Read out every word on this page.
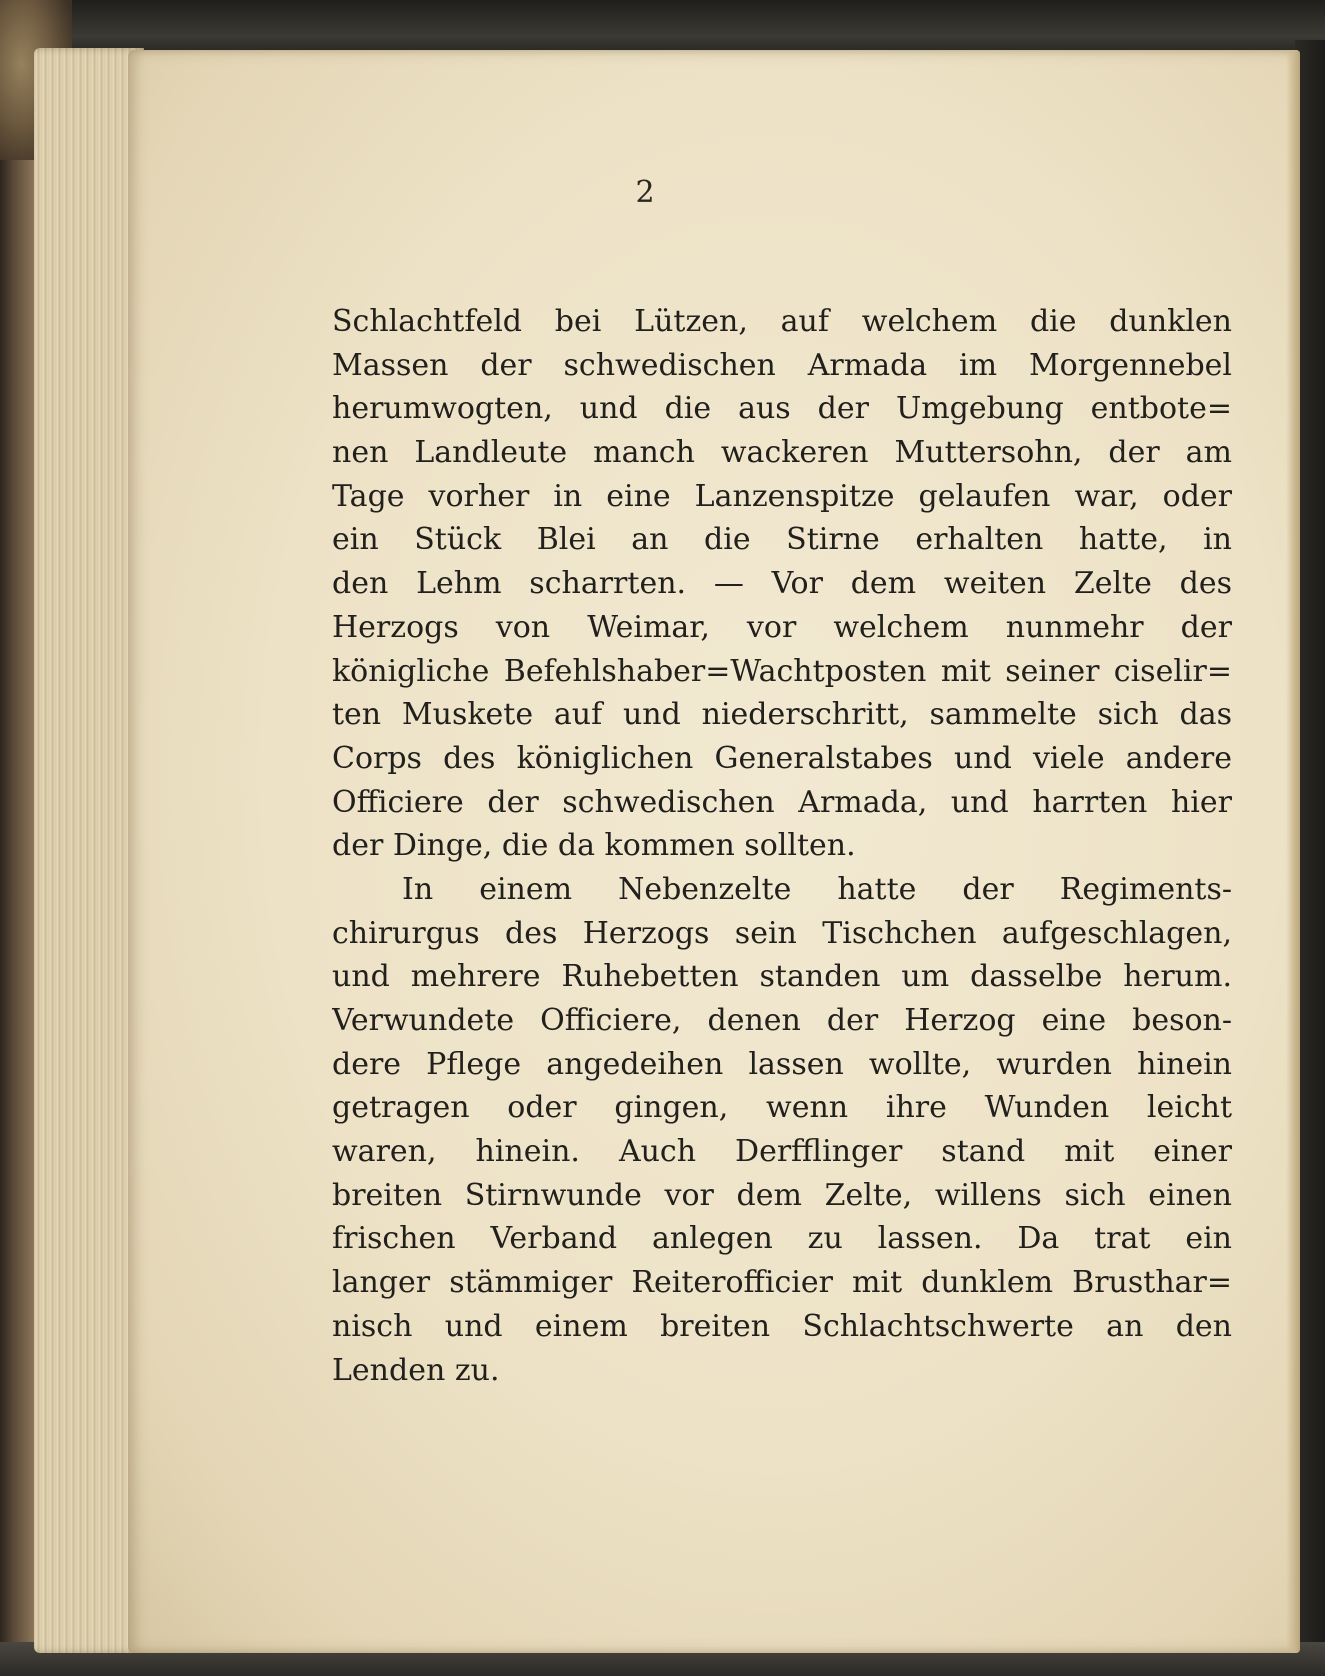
2

Schlachtfeld bei Lützen, auf welchem die dunklen
Massen der schwedischen Armada im Morgennebel
herumwogten, und die aus der Umgebung entbote=
nen Landleute manch wackeren Muttersohn, der am
Tage vorher in eine Lanzenspitze gelaufen war, oder
ein Stück Blei an die Stirne erhalten hatte, in
den Lehm scharrten. — Vor dem weiten Zelte des
Herzogs von Weimar, vor welchem nunmehr der
königliche Befehlshaber=Wachtposten mit seiner ciselir=
ten Muskete auf und niederschritt, sammelte sich das
Corps des königlichen Generalstabes und viele andere
Officiere der schwedischen Armada, und harrten hier
der Dinge, die da kommen sollten.
In einem Nebenzelte hatte der Regiments-
chirurgus des Herzogs sein Tischchen aufgeschlagen,
und mehrere Ruhebetten standen um dasselbe herum.
Verwundete Officiere, denen der Herzog eine beson-
dere Pflege angedeihen lassen wollte, wurden hinein
getragen oder gingen, wenn ihre Wunden leicht
waren, hinein. Auch Derfflinger stand mit einer
breiten Stirnwunde vor dem Zelte, willens sich einen
frischen Verband anlegen zu lassen. Da trat ein
langer stämmiger Reiterofficier mit dunklem Brusthar=
nisch und einem breiten Schlachtschwerte an den
Lenden zu.
